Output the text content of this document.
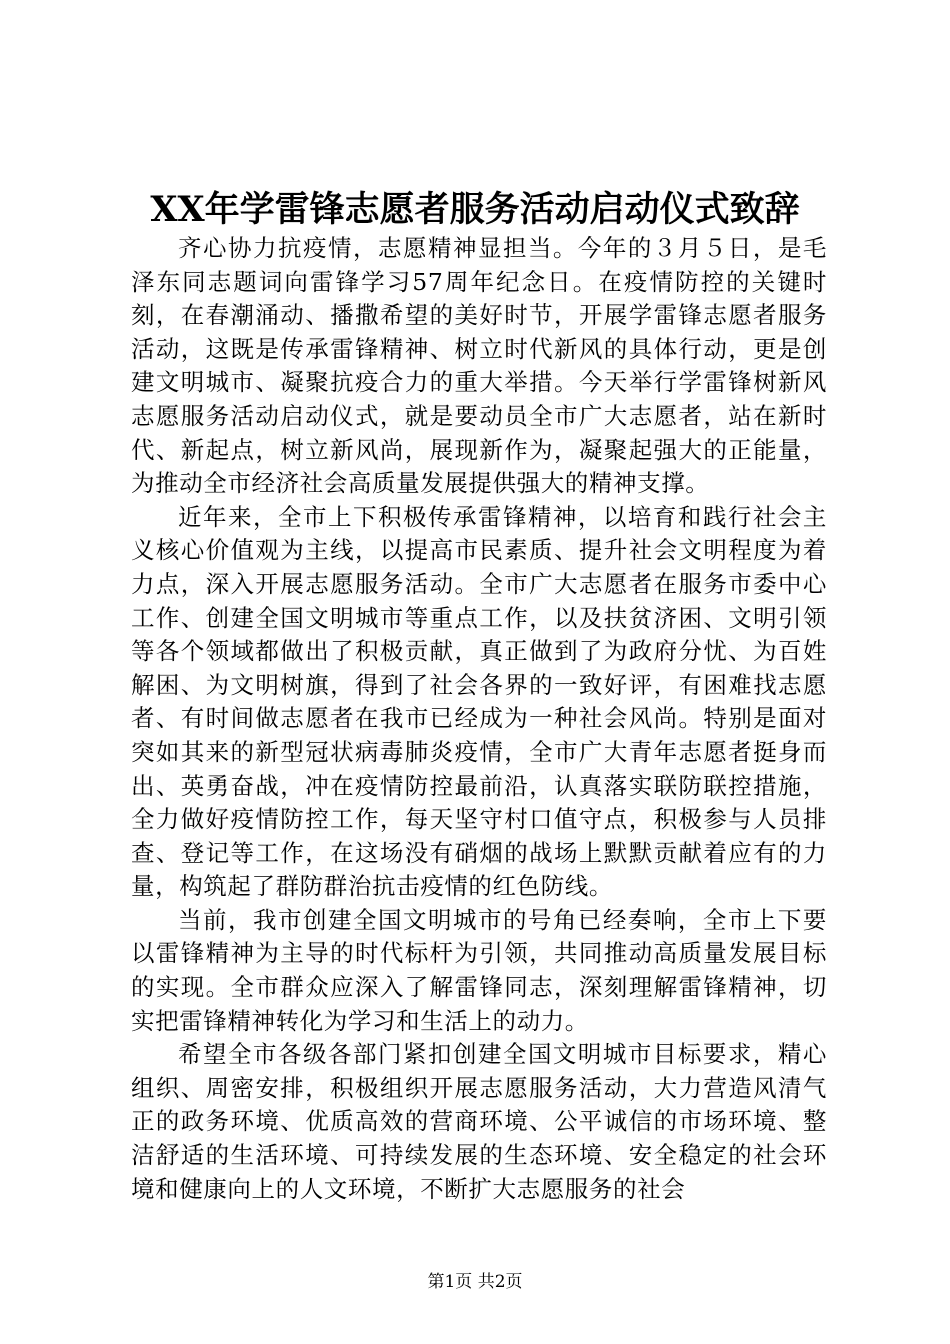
XX年学雷锋志愿者服务活动启动仪式致辞

齐心协力抗疫情，志愿精神显担当。今年的３月５日，是毛泽东同志题词向雷锋学习57周年纪念日。在疫情防控的关键时刻，在春潮涌动、播撒希望的美好时节，开展学雷锋志愿者服务活动，这既是传承雷锋精神、树立时代新风的具体行动，更是创建文明城市、凝聚抗疫合力的重大举措。今天举行学雷锋树新风志愿服务活动启动仪式，就是要动员全市广大志愿者，站在新时代、新起点，树立新风尚，展现新作为，凝聚起强大的正能量，为推动全市经济社会高质量发展提供强大的精神支撑。

近年来，全市上下积极传承雷锋精神，以培育和践行社会主义核心价值观为主线，以提高市民素质、提升社会文明程度为着力点，深入开展志愿服务活动。全市广大志愿者在服务市委中心工作、创建全国文明城市等重点工作，以及扶贫济困、文明引领等各个领域都做出了积极贡献，真正做到了为政府分忧、为百姓解困、为文明树旗，得到了社会各界的一致好评，有困难找志愿者、有时间做志愿者在我市已经成为一种社会风尚。特别是面对突如其来的新型冠状病毒肺炎疫情，全市广大青年志愿者挺身而出、英勇奋战，冲在疫情防控最前沿，认真落实联防联控措施，全力做好疫情防控工作，每天坚守村口值守点，积极参与人员排查、登记等工作，在这场没有硝烟的战场上默默贡献着应有的力量，构筑起了群防群治抗击疫情的红色防线。

当前，我市创建全国文明城市的号角已经奏响，全市上下要以雷锋精神为主导的时代标杆为引领，共同推动高质量发展目标的实现。全市群众应深入了解雷锋同志，深刻理解雷锋精神，切实把雷锋精神转化为学习和生活上的动力。

希望全市各级各部门紧扣创建全国文明城市目标要求，精心组织、周密安排，积极组织开展志愿服务活动，大力营造风清气正的政务环境、优质高效的营商环境、公平诚信的市场环境、整洁舒适的生活环境、可持续发展的生态环境、安全稳定的社会环境和健康向上的人文环境，不断扩大志愿服务的社会

第1页 共2页
